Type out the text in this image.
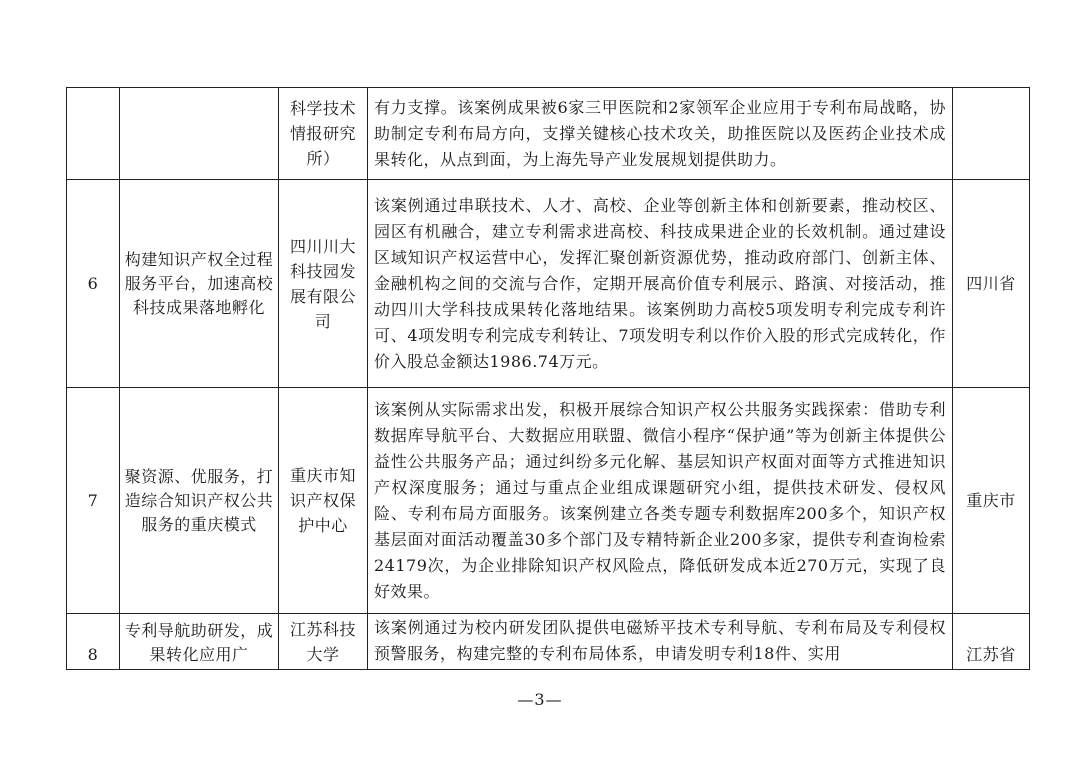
		科学技术情报研究所）	有力支撑。该案例成果被6家三甲医院和2家领军企业应用于专利布局战略，协助制定专利布局方向，支撑关键核心技术攻关，助推医院以及医药企业技术成果转化，从点到面，为上海先导产业发展规划提供助力。	
6	构建知识产权全过程服务平台，加速高校科技成果落地孵化	四川川大科技园发展有限公司	该案例通过串联技术、人才、高校、企业等创新主体和创新要素，推动校区、园区有机融合，建立专利需求进高校、科技成果进企业的长效机制。通过建设区域知识产权运营中心，发挥汇聚创新资源优势，推动政府部门、创新主体、金融机构之间的交流与合作，定期开展高价值专利展示、路演、对接活动，推动四川大学科技成果转化落地结果。该案例助力高校5项发明专利完成专利许可、4项发明专利完成专利转让、7项发明专利以作价入股的形式完成转化，作价入股总金额达1986.74万元。	四川省
7	聚资源、优服务，打造综合知识产权公共服务的重庆模式	重庆市知识产权保护中心	该案例从实际需求出发，积极开展综合知识产权公共服务实践探索：借助专利数据库导航平台、大数据应用联盟、微信小程序“保护通”等为创新主体提供公益性公共服务产品；通过纠纷多元化解、基层知识产权面对面等方式推进知识产权深度服务；通过与重点企业组成课题研究小组，提供技术研发、侵权风险、专利布局方面服务。该案例建立各类专题专利数据库200多个，知识产权基层面对面活动覆盖30多个部门及专精特新企业200多家，提供专利查询检索24179次，为企业排除知识产权风险点，降低研发成本近270万元，实现了良好效果。	重庆市
8	专利导航助研发，成果转化应用广	江苏科技大学	该案例通过为校内研发团队提供电磁矫平技术专利导航、专利布局及专利侵权预警服务，构建完整的专利布局体系，申请发明专利18件、实用	江苏省
—3—
